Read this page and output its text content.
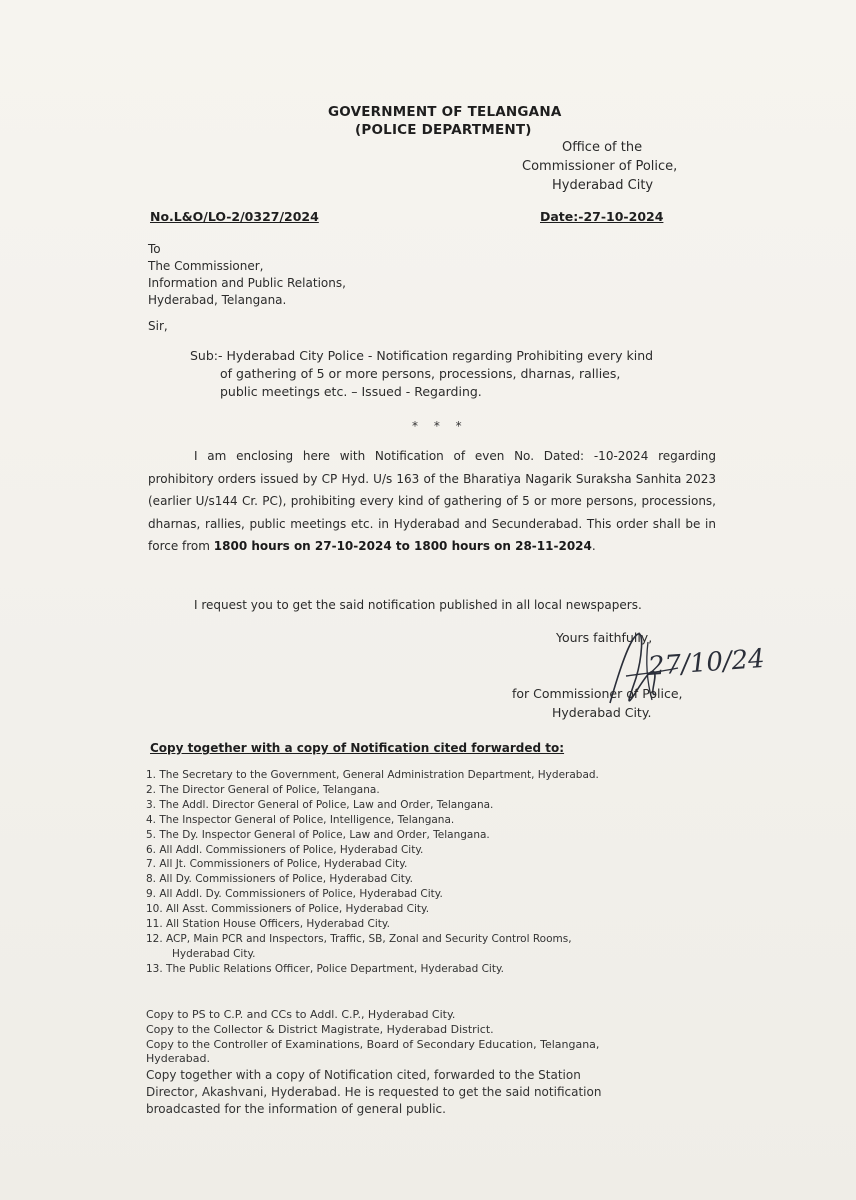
GOVERNMENT OF TELANGANA
(POLICE DEPARTMENT)
Office of the
Commissioner of Police,
Hyderabad City
No.L&O/LO-2/0327/2024	Date:-27-10-2024
To
The Commissioner,
Information and Public Relations,
Hyderabad, Telangana.
Sir,
Sub:- Hyderabad City Police - Notification regarding Prohibiting every kind
of gathering of 5 or more persons, processions, dharnas, rallies,
public meetings etc. – Issued - Regarding.
* * *
I am enclosing here with Notification of even No. Dated: -10-2024 regarding prohibitory orders issued by CP Hyd. U/s 163 of the Bharatiya Nagarik Suraksha Sanhita 2023 (earlier U/s144 Cr. PC), prohibiting every kind of gathering of 5 or more persons, processions, dharnas, rallies, public meetings etc. in Hyderabad and Secunderabad. This order shall be in force from 1800 hours on 27-10-2024 to 1800 hours on 28-11-2024.
I request you to get the said notification published in all local newspapers.
Yours faithfully,
27/10/24
for Commissioner of Police,
Hyderabad City.
Copy together with a copy of Notification cited forwarded to:
1. The Secretary to the Government, General Administration Department, Hyderabad.
2. The Director General of Police, Telangana.
3. The Addl. Director General of Police, Law and Order, Telangana.
4. The Inspector General of Police, Intelligence, Telangana.
5. The Dy. Inspector General of Police, Law and Order, Telangana.
6. All Addl. Commissioners of Police, Hyderabad City.
7. All Jt. Commissioners of Police, Hyderabad City.
8. All Dy. Commissioners of Police, Hyderabad City.
9. All Addl. Dy. Commissioners of Police, Hyderabad City.
10. All Asst. Commissioners of Police, Hyderabad City.
11. All Station House Officers, Hyderabad City.
12. ACP, Main PCR and Inspectors, Traffic, SB, Zonal and Security Control Rooms,
Hyderabad City.
13. The Public Relations Officer, Police Department, Hyderabad City.
Copy to PS to C.P. and CCs to Addl. C.P., Hyderabad City.
Copy to the Collector & District Magistrate, Hyderabad District.
Copy to the Controller of Examinations, Board of Secondary Education, Telangana,
Hyderabad.
Copy together with a copy of Notification cited, forwarded to the Station
Director, Akashvani, Hyderabad. He is requested to get the said notification
broadcasted for the information of general public.
